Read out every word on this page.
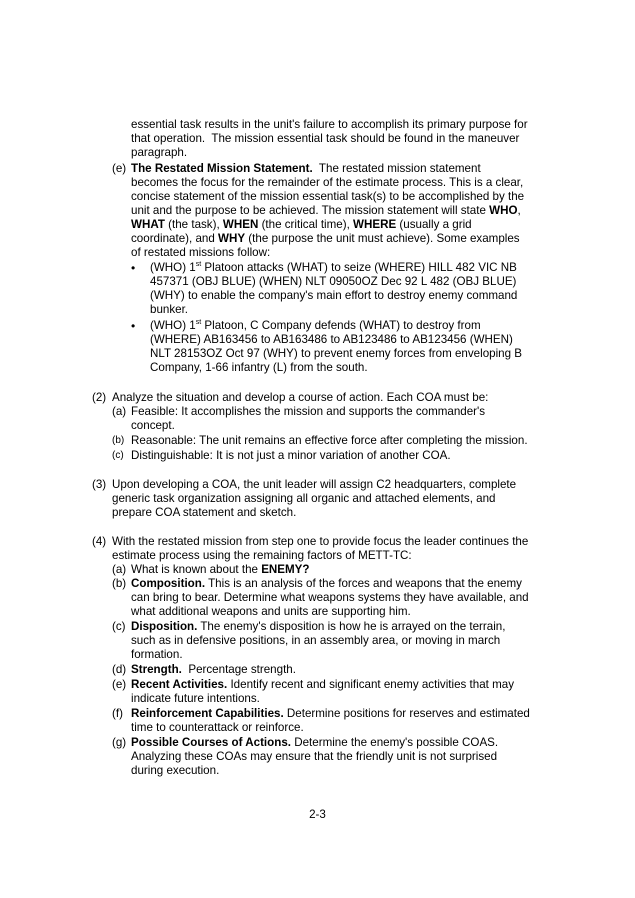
essential task results in the unit's failure to accomplish its primary purpose for
that operation.  The mission essential task should be found in the maneuver
paragraph.
(e) The Restated Mission Statement.  The restated mission statement
becomes the focus for the remainder of the estimate process. This is a clear,
concise statement of the mission essential task(s) to be accomplished by the
unit and the purpose to be achieved. The mission statement will state WHO,
WHAT (the task), WHEN (the critical time), WHERE (usually a grid
coordinate), and WHY (the purpose the unit must achieve). Some examples
of restated missions follow:
• (WHO) 1st Platoon attacks (WHAT) to seize (WHERE) HILL 482 VIC NB
457371 (OBJ BLUE) (WHEN) NLT 09050OZ Dec 92 L 482 (OBJ BLUE)
(WHY) to enable the company's main effort to destroy enemy command
bunker.
• (WHO) 1st Platoon, C Company defends (WHAT) to destroy from
(WHERE) AB163456 to AB163486 to AB123486 to AB123456 (WHEN)
NLT 28153OZ Oct 97 (WHY) to prevent enemy forces from enveloping B
Company, 1-66 infantry (L) from the south.
(2) Analyze the situation and develop a course of action. Each COA must be:
(a) Feasible: It accomplishes the mission and supports the commander's
concept.
(b) Reasonable: The unit remains an effective force after completing the mission.
(c) Distinguishable: It is not just a minor variation of another COA.
(3) Upon developing a COA, the unit leader will assign C2 headquarters, complete
generic task organization assigning all organic and attached elements, and
prepare COA statement and sketch.
(4) With the restated mission from step one to provide focus the leader continues the
estimate process using the remaining factors of METT-TC:
(a) What is known about the ENEMY?
(b) Composition. This is an analysis of the forces and weapons that the enemy
can bring to bear. Determine what weapons systems they have available, and
what additional weapons and units are supporting him.
(c) Disposition. The enemy's disposition is how he is arrayed on the terrain,
such as in defensive positions, in an assembly area, or moving in march
formation.
(d) Strength.  Percentage strength.
(e) Recent Activities. Identify recent and significant enemy activities that may
indicate future intentions.
(f) Reinforcement Capabilities. Determine positions for reserves and estimated
time to counterattack or reinforce.
(g) Possible Courses of Actions. Determine the enemy's possible COAS.
Analyzing these COAs may ensure that the friendly unit is not surprised
during execution.
2-3
